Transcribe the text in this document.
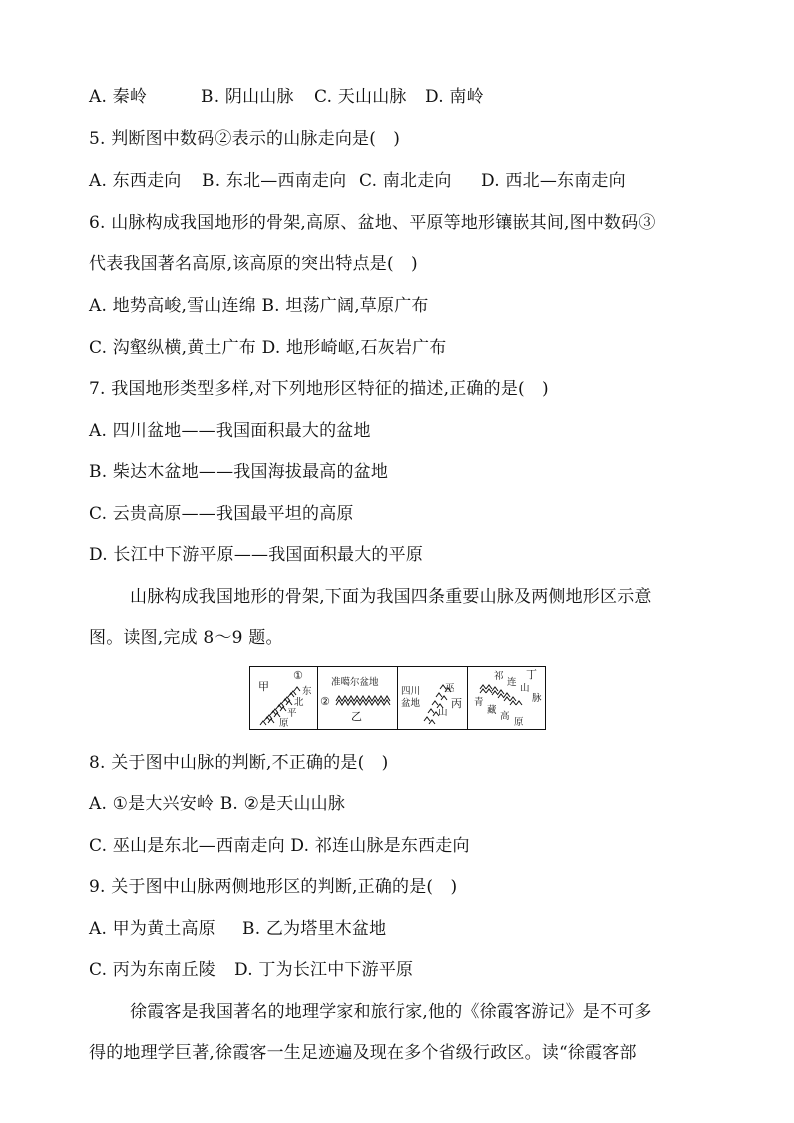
A. 秦岭	B. 阴山山脉 C. 天山山脉 D. 南岭
5. 判断图中数码②表示的山脉走向是(　)
A. 东西走向 B. 东北—西南走向 C. 南北走向 D. 西北—东南走向
6. 山脉构成我国地形的骨架,高原、盆地、平原等地形镶嵌其间,图中数码③
代表我国著名高原,该高原的突出特点是(　)
A. 地势高峻,雪山连绵 B. 坦荡广阔,草原广布
C. 沟壑纵横,黄土广布 D. 地形崎岖,石灰岩广布
7. 我国地形类型多样,对下列地形区特征的描述,正确的是(　)
A. 四川盆地——我国面积最大的盆地
B. 柴达木盆地——我国海拔最高的盆地
C. 云贵高原——我国最平坦的高原
D. 长江中下游平原——我国面积最大的平原
山脉构成我国地形的骨架,下面为我国四条重要山脉及两侧地形区示意
图。读图,完成 8～9 题。
甲
①
东
北
平
原
准噶尔盆地
②
乙
四川
盆地
巫
山
丙
祁
连
山
丁
脉
青
藏
高
原
8. 关于图中山脉的判断,不正确的是(　)
A. ①是大兴安岭 B. ②是天山山脉
C. 巫山是东北—西南走向 D. 祁连山脉是东西走向
9. 关于图中山脉两侧地形区的判断,正确的是(　)
A. 甲为黄土高原 B. 乙为塔里木盆地
C. 丙为东南丘陵 D. 丁为长江中下游平原
徐霞客是我国著名的地理学家和旅行家,他的《徐霞客游记》是不可多
得的地理学巨著,徐霞客一生足迹遍及现在多个省级行政区。读“徐霞客部
